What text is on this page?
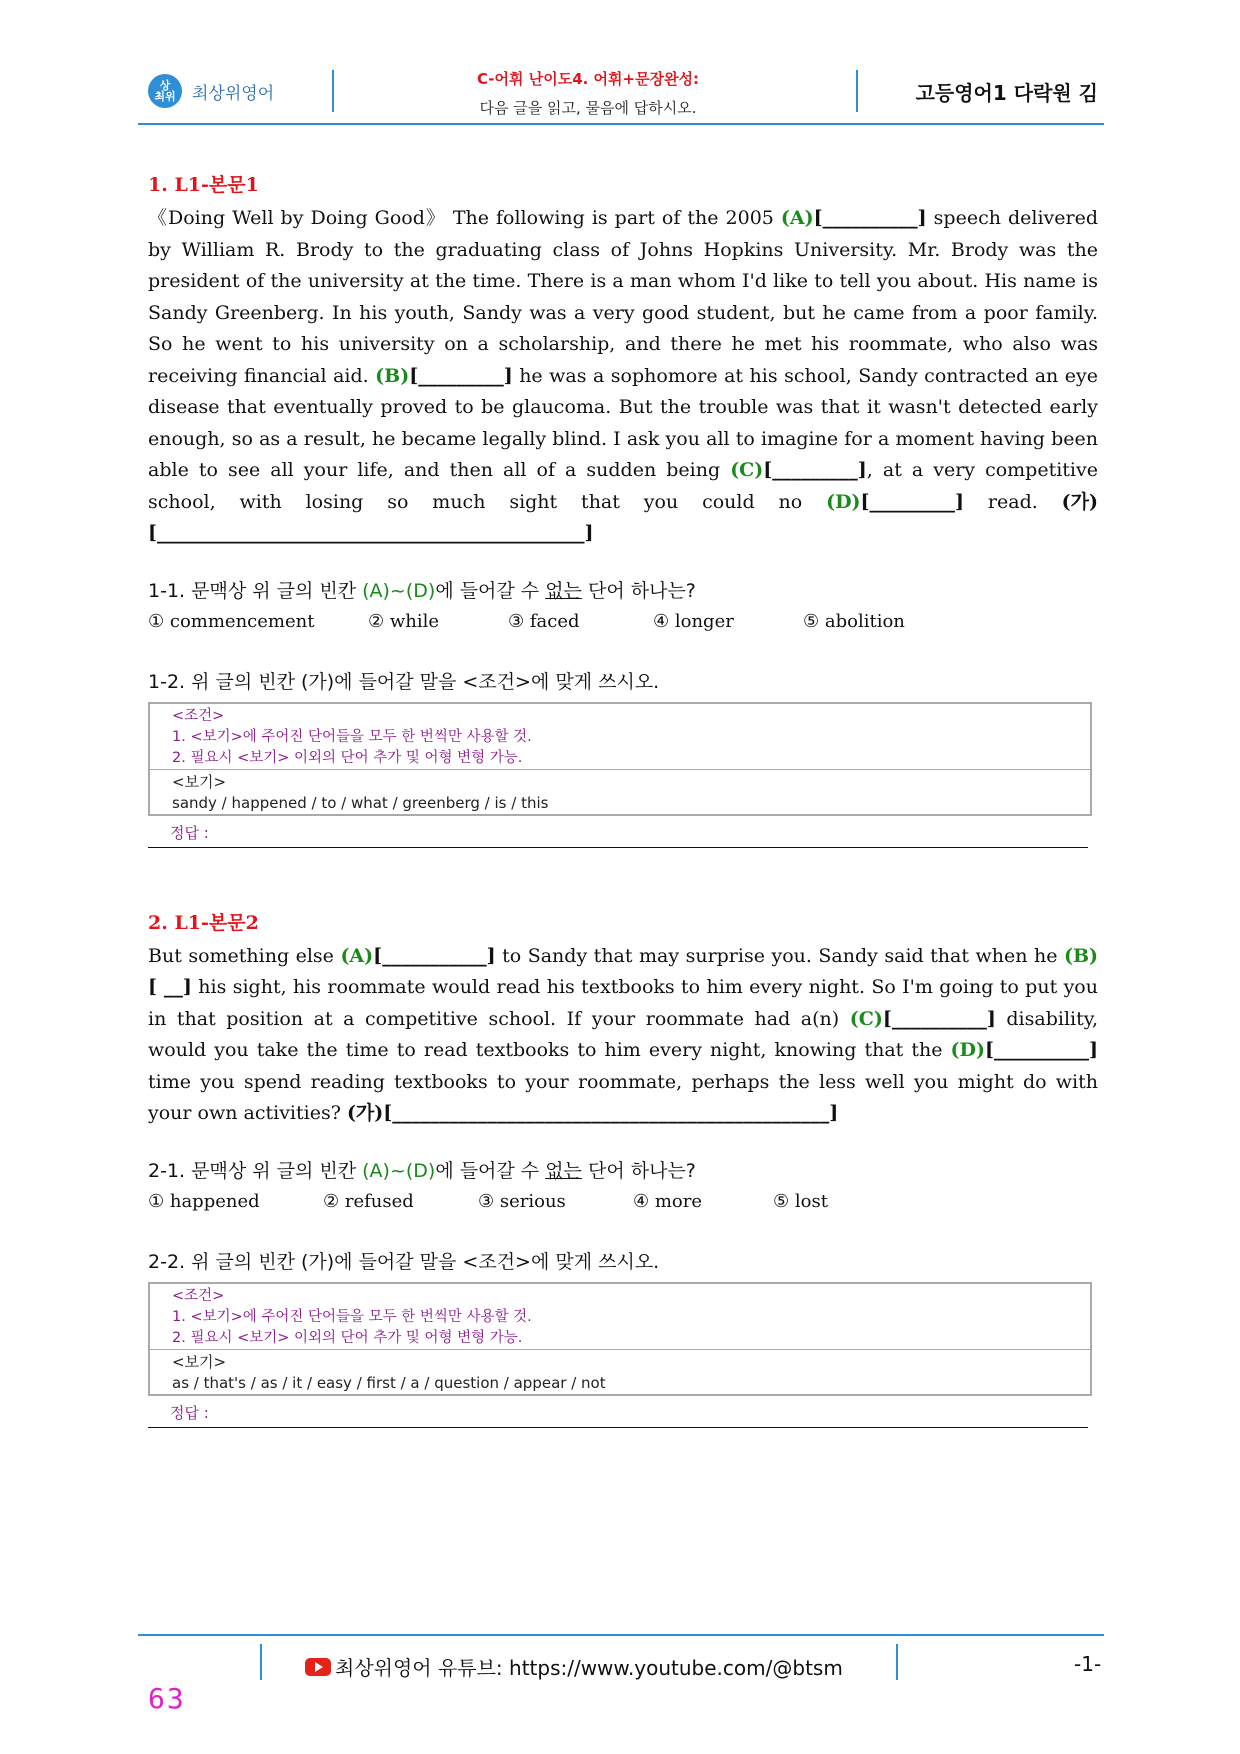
상
최위 최상위영어
C-어휘 난이도4. 어휘+문장완성:
다음 글을 읽고, 물음에 답하시오.
고등영어1 다락원 김
1. L1-본문1

《Doing Well by Doing Good》 The following is part of the 2005 (A)[__________] speech delivered by William R. Brody to the graduating class of Johns Hopkins University. Mr. Brody was the president of the university at the time. There is a man whom I'd like to tell you about. His name is Sandy Greenberg. In his youth, Sandy was a very good student, but he came from a poor family. So he went to his university on a scholarship, and there he met his roommate, who also was receiving financial aid. (B)[_________] he was a sophomore at his school, Sandy contracted an eye disease that eventually proved to be glaucoma. But the trouble was that it wasn't detected early enough, so as a result, he became legally blind. I ask you all to imagine for a moment having been able to see all your life, and then all of a sudden being (C)[_________], at a very competitive school, with losing so much sight that you could no (D)[_________] read. (가)[_____________________________________________]

1-1. 문맥상 위 글의 빈칸 (A)~(D)에 들어갈 수 없는 단어 하나는?
① commencement	② while	③ faced	④ longer	⑤ abolition
1-2. 위 글의 빈칸 (가)에 들어갈 말을 <조건>에 맞게 쓰시오.
<조건>
1. <보기>에 주어진 단어들을 모두 한 번씩만 사용할 것.
2. 필요시 <보기> 이외의 단어 추가 및 어형 변형 가능.
<보기>
sandy / happened / to / what / greenberg / is / this
정답 :
2. L1-본문2

But something else (A)[___________] to Sandy that may surprise you. Sandy said that when he (B)[ __] his sight, his roommate would read his textbooks to him every night. So I'm going to put you in that position at a competitive school. If your roommate had a(n) (C)[__________] disability, would you take the time to read textbooks to him every night, knowing that the (D)[__________] time you spend reading textbooks to your roommate, perhaps the less well you might do with your own activities? (가)[______________________________________________]

2-1. 문맥상 위 글의 빈칸 (A)~(D)에 들어갈 수 없는 단어 하나는?
① happened	② refused	③ serious	④ more	⑤ lost
2-2. 위 글의 빈칸 (가)에 들어갈 말을 <조건>에 맞게 쓰시오.
<조건>
1. <보기>에 주어진 단어들을 모두 한 번씩만 사용할 것.
2. 필요시 <보기> 이외의 단어 추가 및 어형 변형 가능.
<보기>
as / that's / as / it / easy / first / a / question / appear / not
정답 :
최상위영어 유튜브: https://www.youtube.com/@btsm	-1-
63
